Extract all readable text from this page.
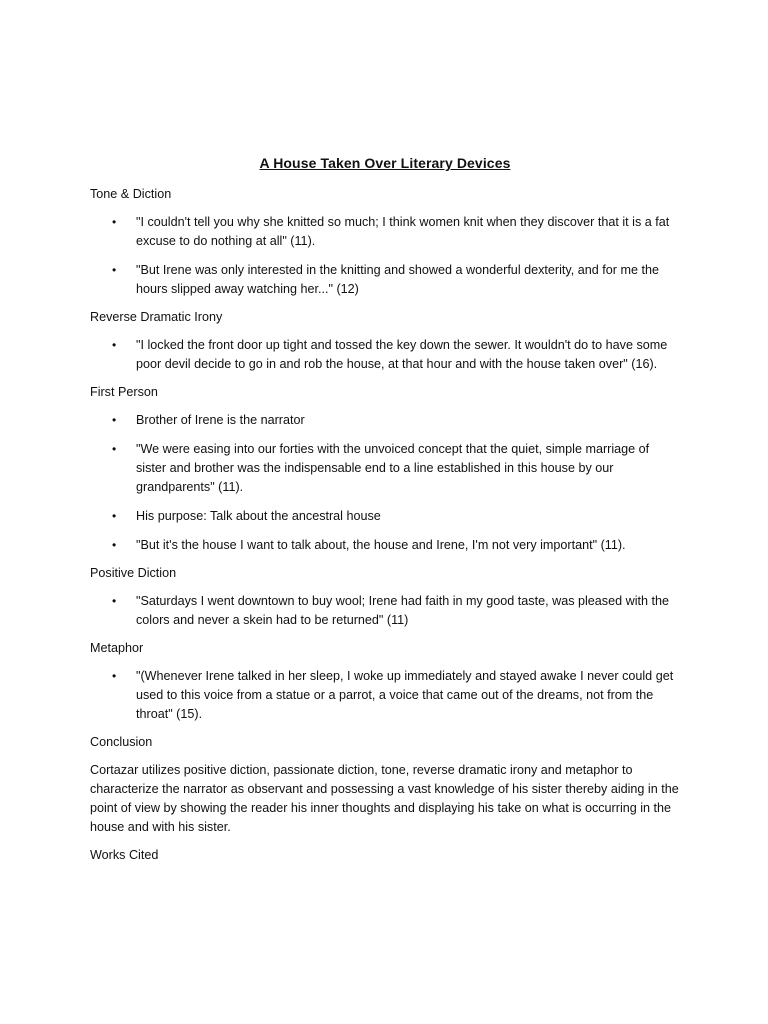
A House Taken Over Literary Devices
Tone & Diction
• "I couldn't tell you why she knitted so much; I think women knit when they discover that it is a fat excuse to do nothing at all" (11).
• "But Irene was only interested in the knitting and showed a wonderful dexterity, and for me the hours slipped away watching her..." (12)
Reverse Dramatic Irony
• "I locked the front door up tight and tossed the key down the sewer. It wouldn't do to have some poor devil decide to go in and rob the house, at that hour and with the house taken over" (16).
First Person
• Brother of Irene is the narrator
• "We were easing into our forties with the unvoiced concept that the quiet, simple marriage of sister and brother was the indispensable end to a line established in this house by our grandparents" (11).
• His purpose: Talk about the ancestral house
• "But it's the house I want to talk about, the house and Irene, I'm not very important" (11).
Positive Diction
• "Saturdays I went downtown to buy wool; Irene had faith in my good taste, was pleased with the colors and never a skein had to be returned" (11)
Metaphor
• "(Whenever Irene talked in her sleep, I woke up immediately and stayed awake I never could get used to this voice from a statue or a parrot, a voice that came out of the dreams, not from the throat" (15).
Conclusion
Cortazar utilizes positive diction, passionate diction, tone, reverse dramatic irony and metaphor to characterize the narrator as observant and possessing a vast knowledge of his sister thereby aiding in the point of view by showing the reader his inner thoughts and displaying his take on what is occurring in the house and with his sister.
Works Cited
